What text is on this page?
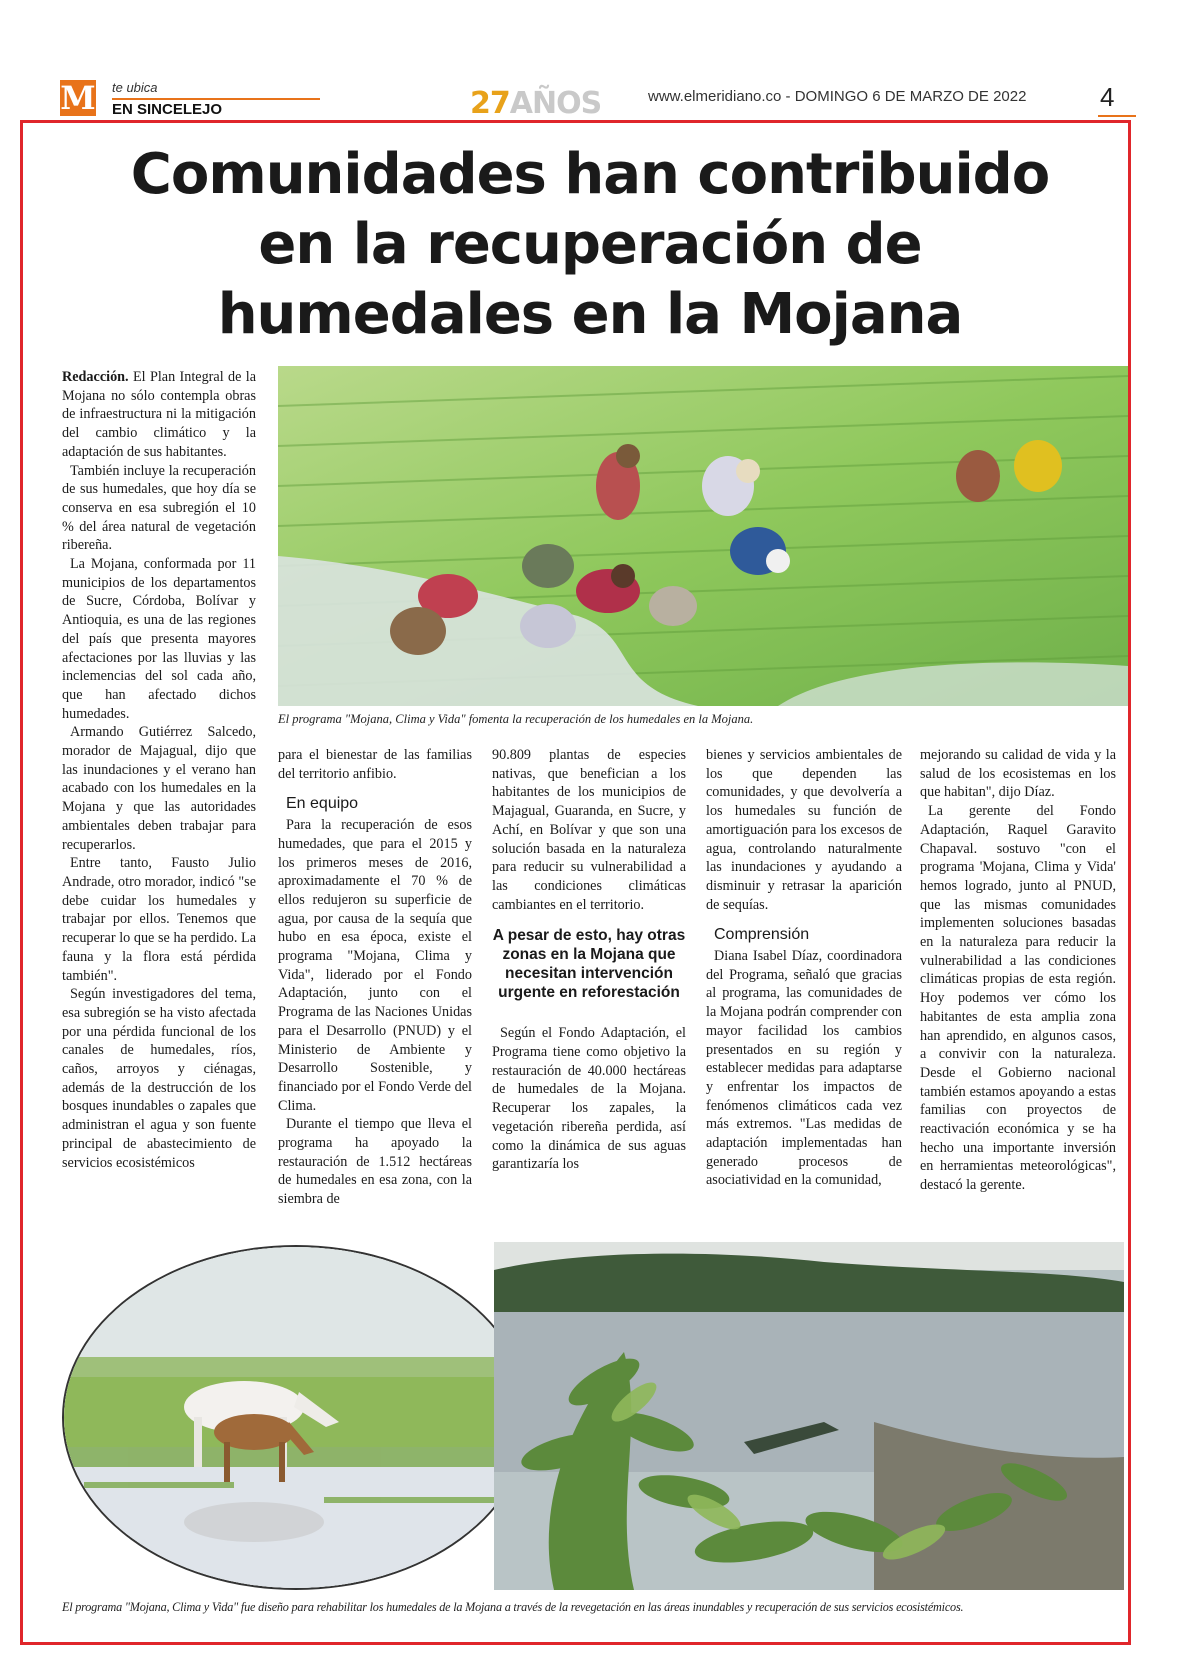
M te ubica
EN SINCELEJO	27AÑOS	www.elmeridiano.co - DOMINGO 6 DE MARZO DE 2022	4
Comunidades han contribuido
en la recuperación de
humedales en la Mojana
El programa "Mojana, Clima y Vida" fomenta la recuperación de los humedales en la Mojana.

Redacción. El Plan Integral de la Mojana no sólo contempla obras de infraestructura ni la mitigación del cambio climático y la adaptación de sus habitantes.

También incluye la recuperación de sus humedales, que hoy día se conserva en esa subregión el 10 % del área natural de vegetación ribereña.

La Mojana, conformada por 11 municipios de los departamentos de Sucre, Córdoba, Bolívar y Antioquia, es una de las regiones del país que presenta mayores afectaciones por las lluvias y las inclemencias del sol cada año, que han afectado dichos humedades.

Armando Gutiérrez Salcedo, morador de Majagual, dijo que las inundaciones y el verano han acabado con los humedales en la Mojana y que las autoridades ambientales deben trabajar para recuperarlos.

Entre tanto, Fausto Julio Andrade, otro morador, indicó "se debe cuidar los humedales y trabajar por ellos. Tenemos que recuperar lo que se ha perdido. La fauna y la flora está pérdida también".

Según investigadores del tema, esa subregión se ha visto afectada por una pérdida funcional de los canales de humedales, ríos, caños, arroyos y ciénagas, además de la destrucción de los bosques inundables o zapales que administran el agua y son fuente principal de abastecimiento de servicios ecosistémicos

para el bienestar de las familias del territorio anfibio.

En equipo

Para la recuperación de esos humedades, que para el 2015 y los primeros meses de 2016, aproximadamente el 70 % de ellos redujeron su superficie de agua, por causa de la sequía que hubo en esa época, existe el programa "Mojana, Clima y Vida", liderado por el Fondo Adaptación, junto con el Programa de las Naciones Unidas para el Desarrollo (PNUD) y el Ministerio de Ambiente y Desarrollo Sostenible, y financiado por el Fondo Verde del Clima.

Durante el tiempo que lleva el programa ha apoyado la restauración de 1.512 hectáreas de humedales en esa zona, con la siembra de

90.809 plantas de especies nativas, que benefician a los habitantes de los municipios de Majagual, Guaranda, en Sucre, y Achí, en Bolívar y que son una solución basada en la naturaleza para reducir su vulnerabilidad a las condiciones climáticas cambiantes en el territorio.

A pesar de esto, hay otras zonas en la Mojana que necesitan intervención urgente en reforestación

Según el Fondo Adaptación, el Programa tiene como objetivo la restauración de 40.000 hectáreas de humedales de la Mojana. Recuperar los zapales, la vegetación ribereña perdida, así como la dinámica de sus aguas garantizaría los

bienes y servicios ambientales de los que dependen las comunidades, y que devolvería a los humedales su función de amortiguación para los excesos de agua, controlando naturalmente las inundaciones y ayudando a disminuir y retrasar la aparición de sequías.

Comprensión

Diana Isabel Díaz, coordinadora del Programa, señaló que gracias al programa, las comunidades de la Mojana podrán comprender con mayor facilidad los cambios presentados en su región y establecer medidas para adaptarse y enfrentar los impactos de fenómenos climáticos cada vez más extremos. "Las medidas de adaptación implementadas han generado procesos de asociatividad en la comunidad,

mejorando su calidad de vida y la salud de los ecosistemas en los que habitan", dijo Díaz.

La gerente del Fondo Adaptación, Raquel Garavito Chapaval. sostuvo "con el programa 'Mojana, Clima y Vida' hemos logrado, junto al PNUD, que las mismas comunidades implementen soluciones basadas en la naturaleza para reducir la vulnerabilidad a las condiciones climáticas propias de esta región. Hoy podemos ver cómo los habitantes de esta amplia zona han aprendido, en algunos casos, a convivir con la naturaleza. Desde el Gobierno nacional también estamos apoyando a estas familias con proyectos de reactivación económica y se ha hecho una importante inversión en herramientas meteorológicas", destacó la gerente.

El programa "Mojana, Clima y Vida" fue diseño para rehabilitar los humedales de la Mojana a través de la revegetación en las áreas inundables y recuperación de sus servicios ecosistémicos.
